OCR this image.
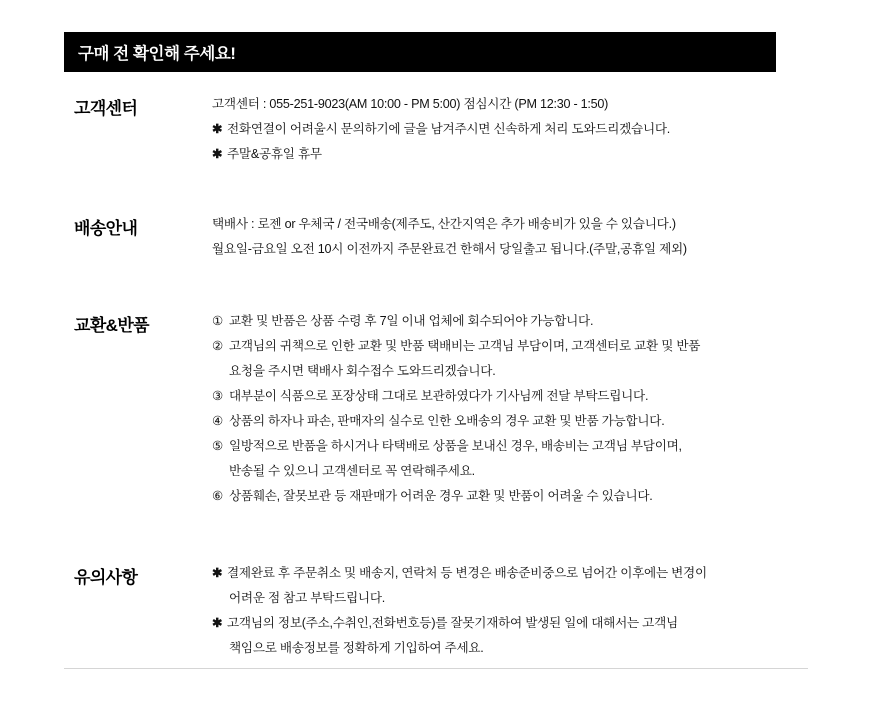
구매 전 확인해 주세요!
고객센터	고객센터 : 055-251-9023(AM 10:00 - PM 5:00) 점심시간 (PM 12:30 - 1:50)
✱ 전화연결이 어려울시 문의하기에 글을 남겨주시면 신속하게 처리 도와드리겠습니다.
✱ 주말&공휴일 휴무
배송안내	택배사 : 로젠 or 우체국 / 전국배송(제주도, 산간지역은 추가 배송비가 있을 수 있습니다.)
월요일-금요일 오전 10시 이전까지 주문완료건 한해서 당일출고 됩니다.(주말,공휴일 제외)
교환&반품	① 교환 및 반품은 상품 수령 후 7일 이내 업체에 회수되어야 가능합니다.
② 고객님의 귀책으로 인한 교환 및 반품 택배비는 고객님 부담이며, 고객센터로 교환 및 반품
요청을 주시면 택배사 회수접수 도와드리겠습니다.
③ 대부분이 식품으로 포장상태 그대로 보관하였다가 기사님께 전달 부탁드립니다.
④ 상품의 하자나 파손, 판매자의 실수로 인한 오배송의 경우 교환 및 반품 가능합니다.
⑤ 일방적으로 반품을 하시거나 타택배로 상품을 보내신 경우, 배송비는 고객님 부담이며,
반송될 수 있으니 고객센터로 꼭 연락해주세요.
⑥ 상품훼손, 잘못보관 등 재판매가 어려운 경우 교환 및 반품이 어려울 수 있습니다.
유의사항	✱ 결제완료 후 주문취소 및 배송지, 연락처 등 변경은 배송준비중으로 넘어간 이후에는 변경이
어려운 점 참고 부탁드립니다.
✱ 고객님의 정보(주소,수취인,전화번호등)를 잘못기재하여 발생된 일에 대해서는 고객님
책임으로 배송정보를 정확하게 기입하여 주세요.
